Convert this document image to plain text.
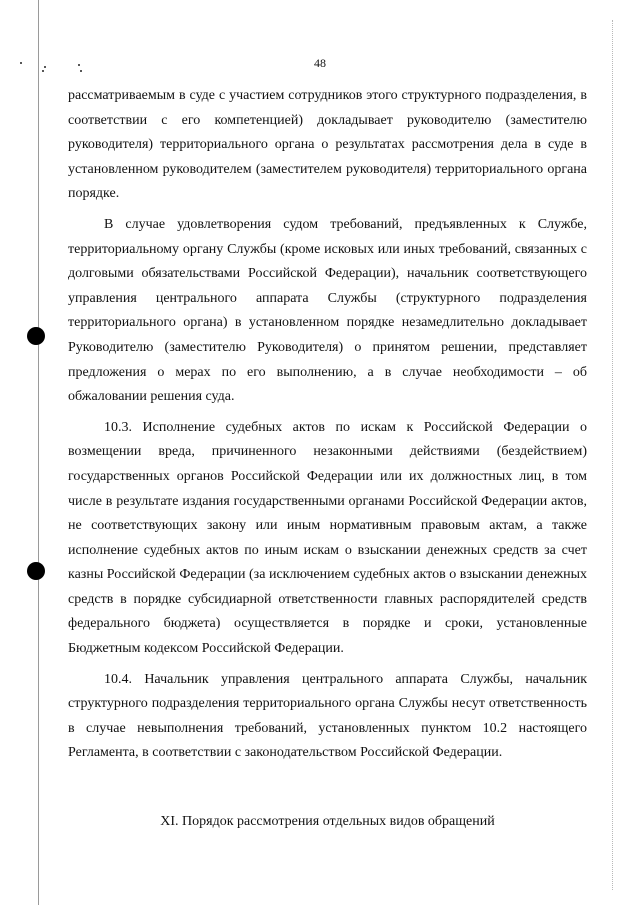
48

рассматриваемым в суде с участием сотрудников этого структурного подразделения, в соответствии с его компетенцией) докладывает руководителю (заместителю руководителя) территориального органа о результатах рассмотрения дела в суде в установленном руководителем (заместителем руководителя) территориального органа порядке.

В случае удовлетворения судом требований, предъявленных к Службе, территориальному органу Службы (кроме исковых или иных требований, связанных с долговыми обязательствами Российской Федерации), начальник соответствующего управления центрального аппарата Службы (структурного подразделения территориального органа) в установленном порядке незамедлительно докладывает Руководителю (заместителю Руководителя) о принятом решении, представляет предложения о мерах по его выполнению, а в случае необходимости – об обжаловании решения суда.

10.3. Исполнение судебных актов по искам к Российской Федерации о возмещении вреда, причиненного незаконными действиями (бездействием) государственных органов Российской Федерации или их должностных лиц, в том числе в результате издания государственными органами Российской Федерации актов, не соответствующих закону или иным нормативным правовым актам, а также исполнение судебных актов по иным искам о взыскании денежных средств за счет казны Российской Федерации (за исключением судебных актов о взыскании денежных средств в порядке субсидиарной ответственности главных распорядителей средств федерального бюджета) осуществляется в порядке и сроки, установленные Бюджетным кодексом Российской Федерации.

10.4. Начальник управления центрального аппарата Службы, начальник структурного подразделения территориального органа Службы несут ответственность в случае невыполнения требований, установленных пунктом 10.2 настоящего Регламента, в соответствии с законодательством Российской Федерации.

XI. Порядок рассмотрения отдельных видов обращений
